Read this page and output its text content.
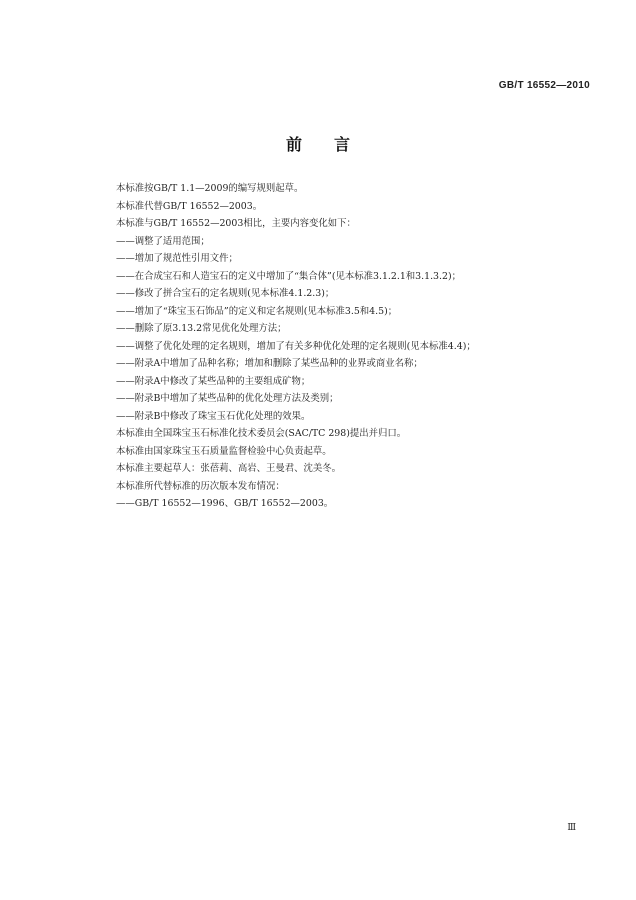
GB/T 16552—2010
前言
本标准按GB/T 1.1—2009的编写规则起草。
本标准代替GB/T 16552—2003。
本标准与GB/T 16552—2003相比，主要内容变化如下：
——调整了适用范围；
——增加了规范性引用文件；
——在合成宝石和人造宝石的定义中增加了“集合体”(见本标准3.1.2.1和3.1.3.2)；
——修改了拼合宝石的定名规则(见本标准4.1.2.3)；
——增加了“珠宝玉石饰品”的定义和定名规则(见本标准3.5和4.5)；
——删除了原3.13.2常见优化处理方法；
——调整了优化处理的定名规则，增加了有关多种优化处理的定名规则(见本标准4.4)；
——附录A中增加了品种名称；增加和删除了某些品种的业界或商业名称；
——附录A中修改了某些品种的主要组成矿物；
——附录B中增加了某些品种的优化处理方法及类别；
——附录B中修改了珠宝玉石优化处理的效果。
本标准由全国珠宝玉石标准化技术委员会(SAC/TC 298)提出并归口。
本标准由国家珠宝玉石质量监督检验中心负责起草。
本标准主要起草人：张蓓莉、高岩、王曼君、沈美冬。
本标准所代替标准的历次版本发布情况：
——GB/T 16552—1996、GB/T 16552—2003。
Ⅲ
